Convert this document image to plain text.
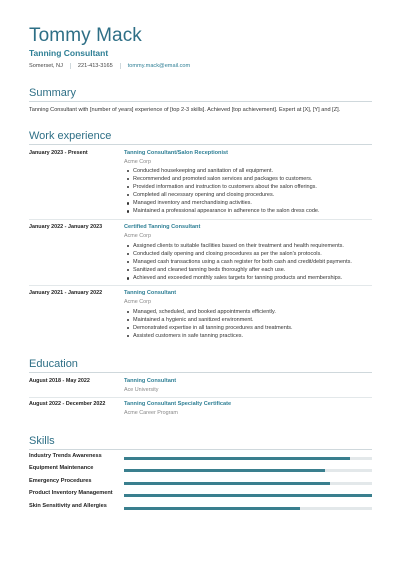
Tommy Mack
Tanning Consultant
Somerset, NJ	221-413-3165	tommy.mack@email.com
Summary
Tanning Consultant with [number of years] experience of [top 2-3 skills]. Achieved [top achievement]. Expert at [X], [Y] and [Z].
Work experience
January 2023 - Present	Tanning Consultant/Salon Receptionist
Acme Corp
Conducted housekeeping and sanitation of all equipment.
Recommended and promoted salon services and packages to customers.
Provided information and instruction to customers about the salon offerings.
Completed all necessary opening and closing procedures.
Managed inventory and merchandising activities.
Maintained a professional appearance in adherence to the salon dress code.
January 2022 - January 2023	Certified Tanning Consultant
Acme Corp
Assigned clients to suitable facilities based on their treatment and health requirements.
Conducted daily opening and closing procedures as per the salon's protocols.
Managed cash transactions using a cash register for both cash and credit/debit payments.
Sanitized and cleaned tanning beds thoroughly after each use.
Achieved and exceeded monthly sales targets for tanning products and memberships.
January 2021 - January 2022	Tanning Consultant
Acme Corp
Managed, scheduled, and booked appointments efficiently.
Maintained a hygienic and sanitized environment.
Demonstrated expertise in all tanning procedures and treatments.
Assisted customers in safe tanning practices.
Education
August 2018 - May 2022	Tanning Consultant
Ace University
August 2022 - December 2022	Tanning Consultant Specialty Certificate
Acme Career Program
Skills
Industry Trends Awareness
Equipment Maintenance
Emergency Procedures
Product Inventory Management
Skin Sensitivity and Allergies
